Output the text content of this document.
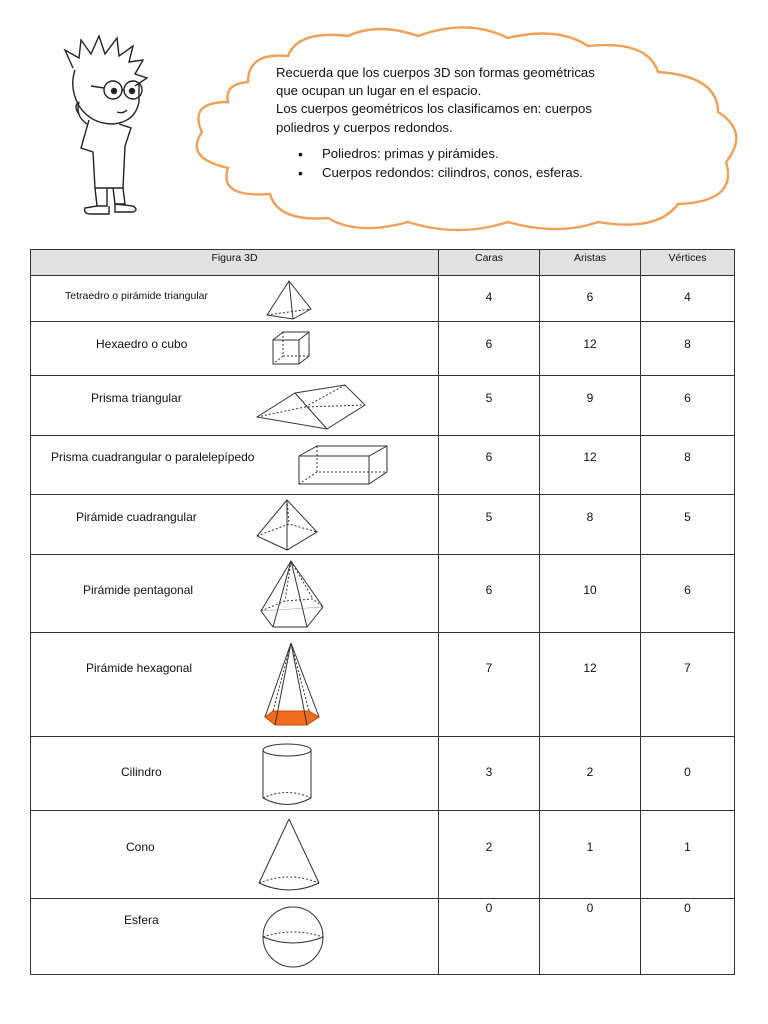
Recuerda que los cuerpos 3D son formas geométricas

que ocupan un lugar en el espacio.

Los cuerpos geométricos los clasificamos en: cuerpos

poliedros y cuerpos redondos.

• Poliedros: primas y pirámides.
• Cuerpos redondos: cilindros, conos, esferas.
Figura 3D	Caras	Aristas	Vértices

Tetraedro o pirámide triangular	4	6	4

Hexaedro o cubo	6	12	8

Prisma triangular	5	9	6

Prisma cuadrangular o paralelepípedo	6	12	8

Pirámide cuadrangular	5	8	5

Pirámide pentagonal	6	10	6

Pirámide hexagonal	7	12	7

Cilindro	3	2	0

Cono	2	1	1

Esfera	0	0	0
